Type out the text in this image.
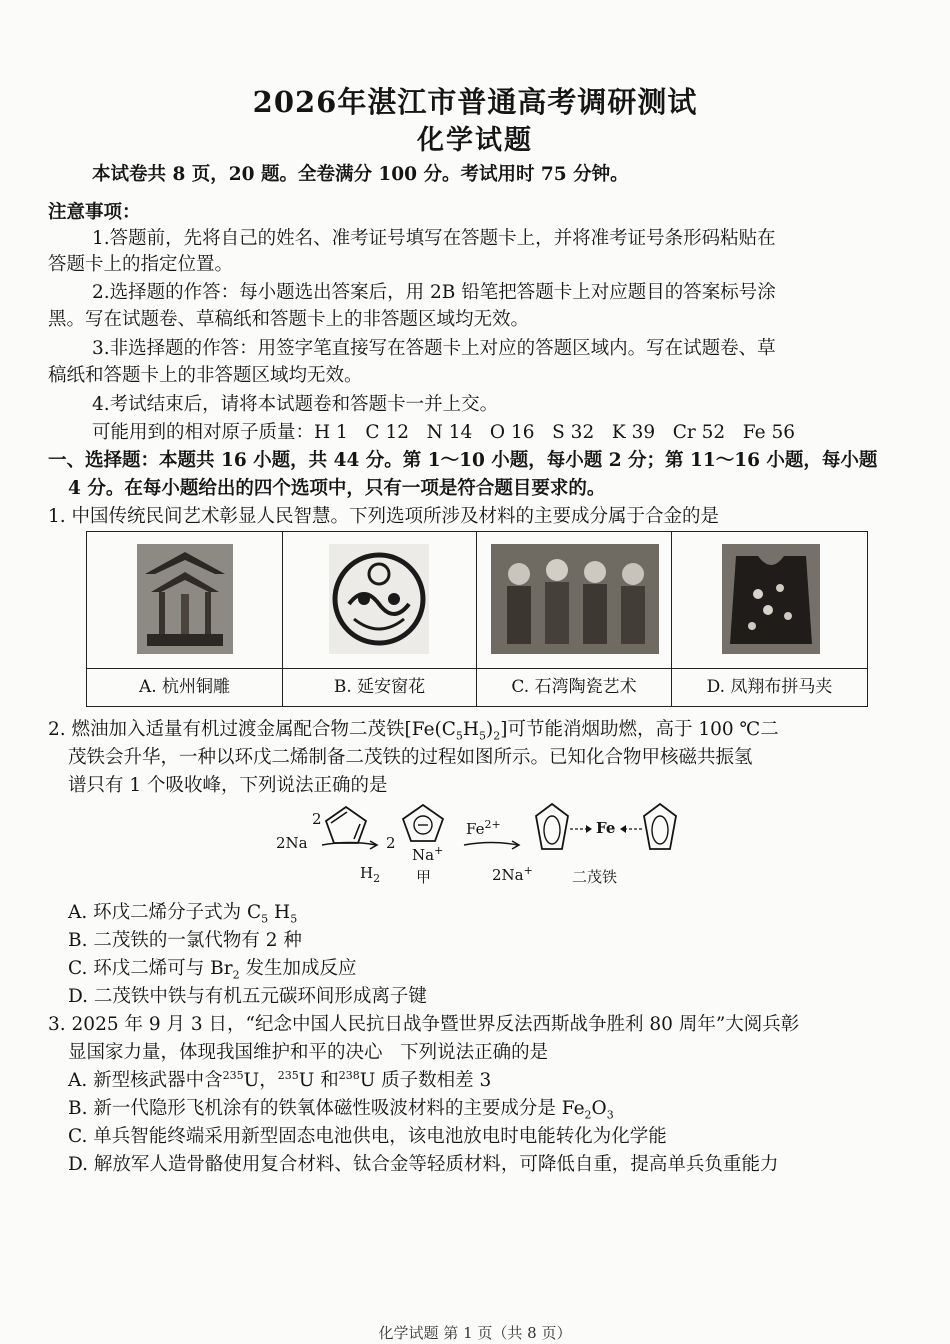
2026年湛江市普通高考调研测试
化学试题
本试卷共 8 页，20 题。全卷满分 100 分。考试用时 75 分钟。
注意事项：
1.答题前，先将自己的姓名、准考证号填写在答题卡上，并将准考证号条形码粘贴在
答题卡上的指定位置。
2.选择题的作答：每小题选出答案后，用 2B 铅笔把答题卡上对应题目的答案标号涂
黑。写在试题卷、草稿纸和答题卡上的非答题区域均无效。
3.非选择题的作答：用签字笔直接写在答题卡上对应的答题区域内。写在试题卷、草
稿纸和答题卡上的非答题区域均无效。
4.考试结束后，请将本试题卷和答题卡一并上交。
可能用到的相对原子质量：H 1   C 12   N 14   O 16   S 32   K 39   Cr 52   Fe 56
一、选择题：本题共 16 小题，共 44 分。第 1～10 小题，每小题 2 分；第 11～16 小题，每小题
4 分。在每小题给出的四个选项中，只有一项是符合题目要求的。
1. 中国传统民间艺术彰显人民智慧。下列选项所涉及材料的主要成分属于合金的是
A. 杭州铜雕	B. 延安窗花	C. 石湾陶瓷艺术	D. 凤翔布拼马夹
2. 燃油加入适量有机过渡金属配合物二茂铁$[Fe(C_5H_5)_2]$可节能消烟助燃，高于 100 ℃二
茂铁会升华，一种以环戊二烯制备二茂铁的过程如图所示。已知化合物甲核磁共振氢
谱只有 1 个吸收峰，下列说法正确的是
2
2Na
$H_2$
2
Na+
甲
$Fe^{2+}$
2Na+
Fe
二茂铁
A. 环戊二烯分子式为 $C_5$ $H_5$
B. 二茂铁的一氯代物有 2 种
C. 环戊二烯可与 $Br_2$ 发生加成反应
D. 二茂铁中铁与有机五元碳环间形成离子键
3. 2025 年 9 月 3 日，“纪念中国人民抗日战争暨世界反法西斯战争胜利 80 周年”大阅兵彰
显国家力量，体现我国维护和平的决心   下列说法正确的是
A. 新型核武器中含$^{235}$U，$^{235}$U 和$^{238}$U 质子数相差 3
B. 新一代隐形飞机涂有的铁氧体磁性吸波材料的主要成分是 $Fe_2O_3$
C. 单兵智能终端采用新型固态电池供电，该电池放电时电能转化为化学能
D. 解放军人造骨骼使用复合材料、钛合金等轻质材料，可降低自重，提高单兵负重能力
化学试题 第 1 页（共 8 页）
